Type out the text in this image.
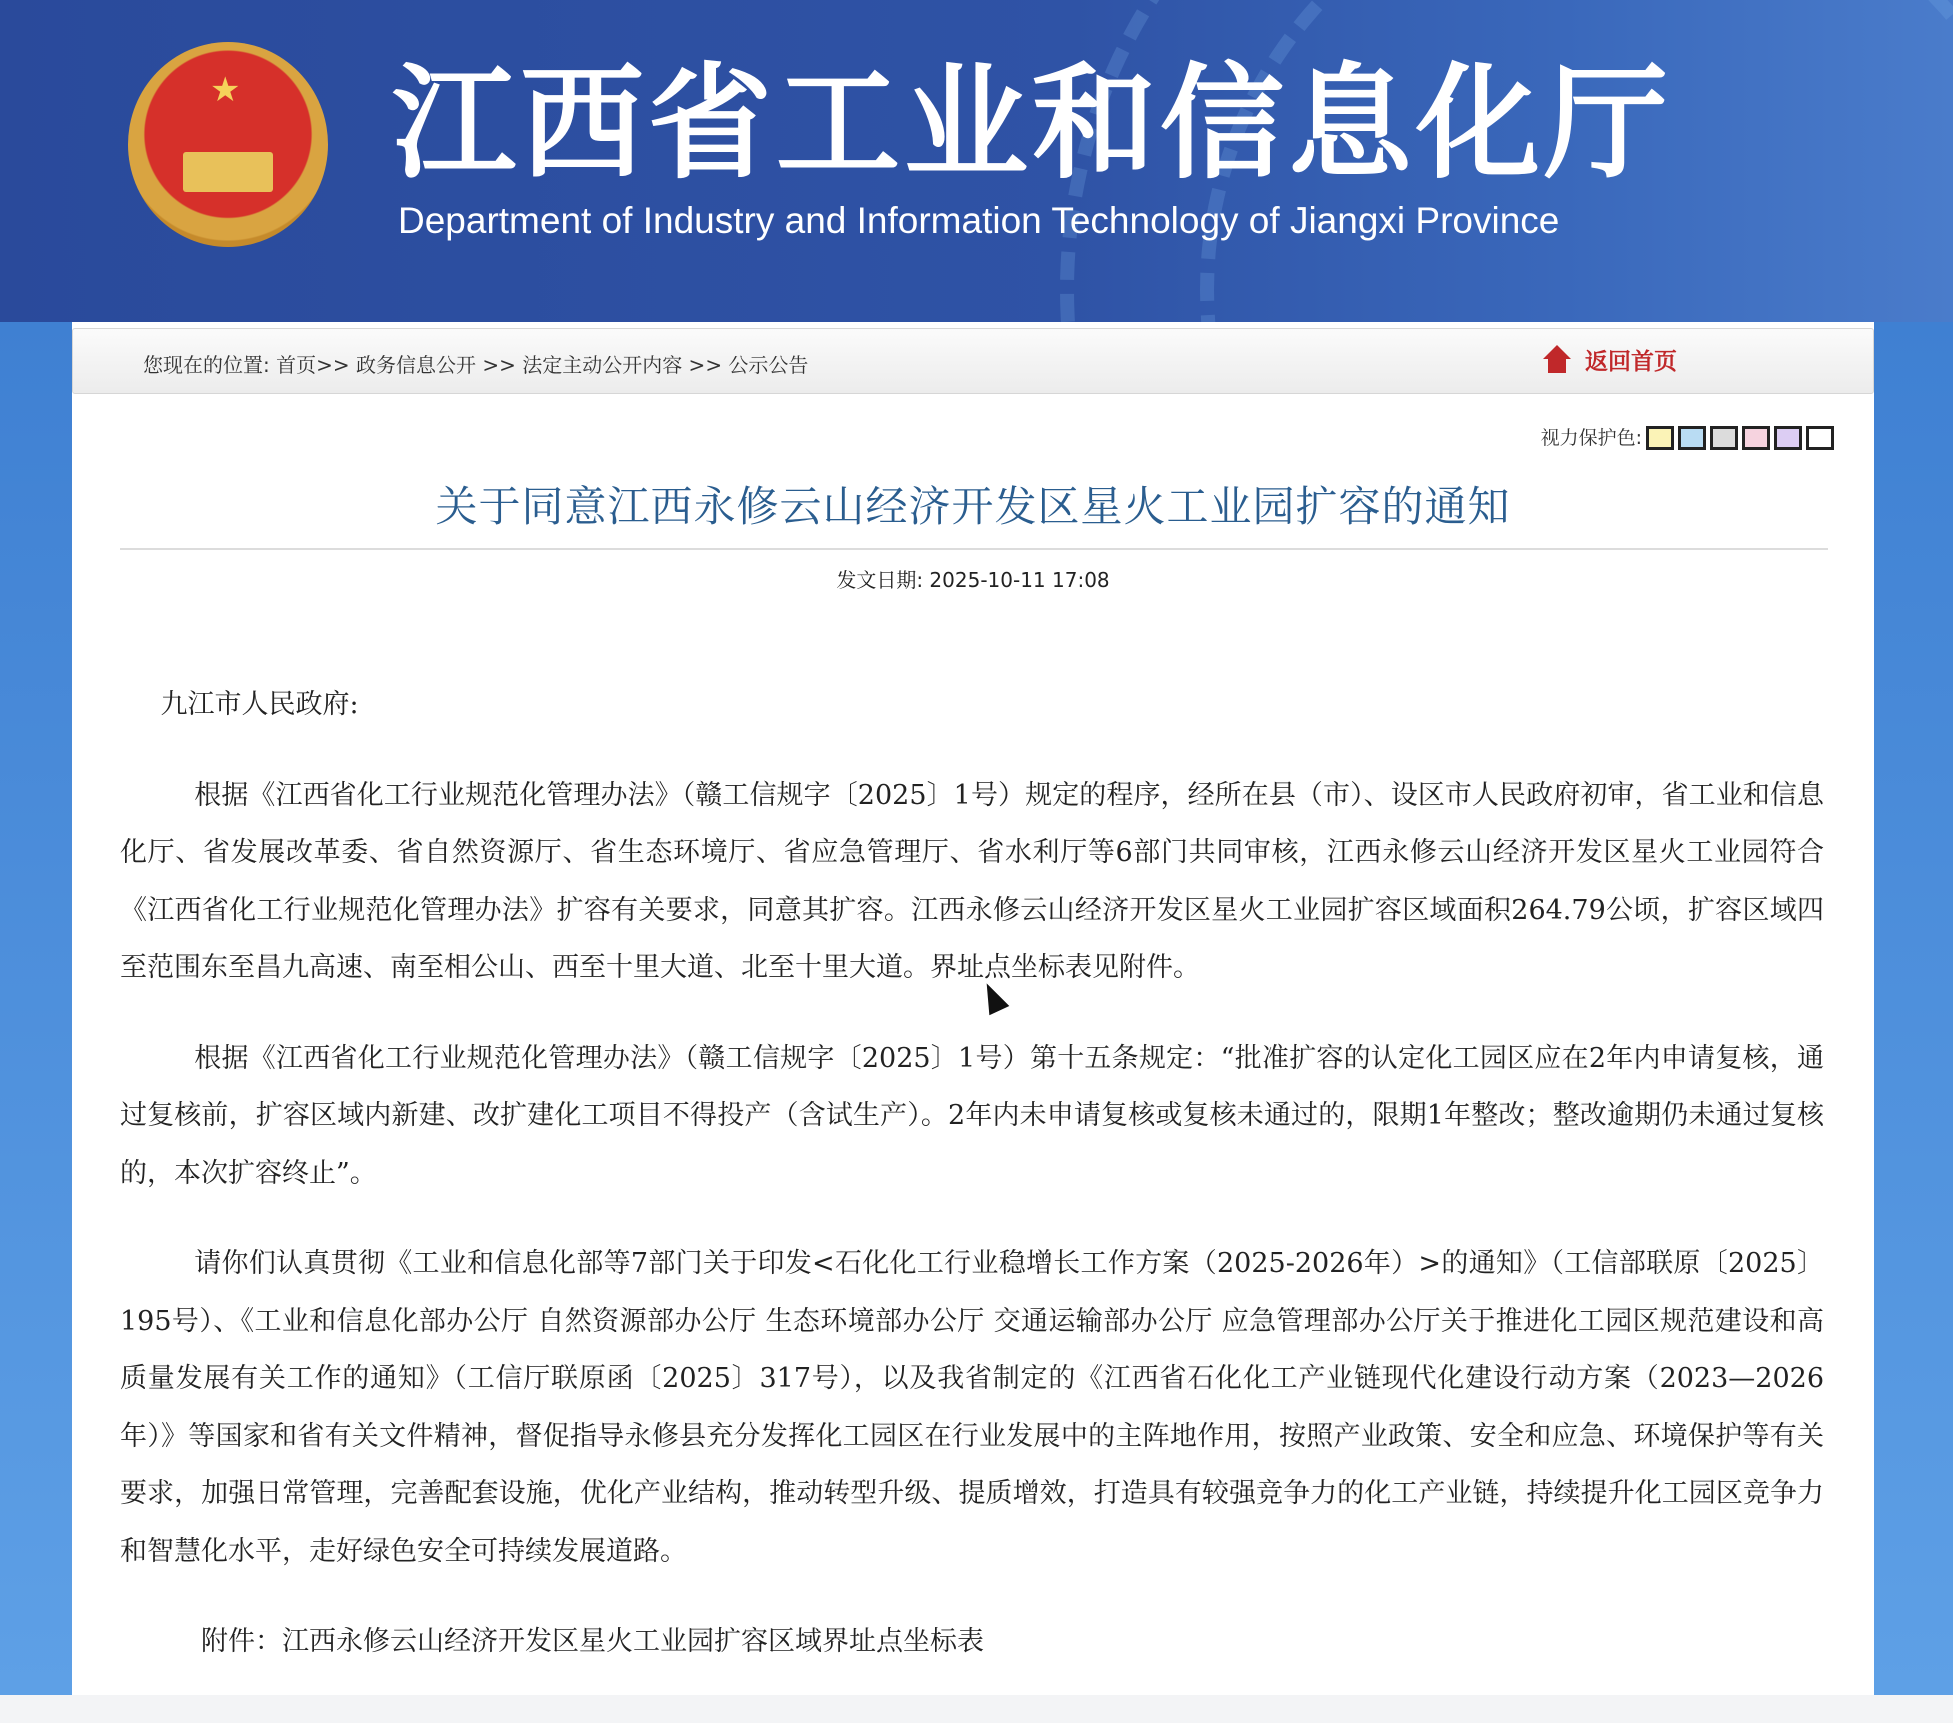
★ 江西省工业和信息化厅
Department of Industry and Information Technology of Jiangxi Province
您现在的位置: 首页>> 政务信息公开 >> 法定主动公开内容 >> 公示公告	返回首页
视力保护色:
关于同意江西永修云山经济开发区星火工业园扩容的通知
发文日期: 2025-10-11 17:08

九江市人民政府:

根据《江西省化工行业规范化管理办法》（赣工信规字〔2025〕1号）规定的程序，经所在县（市）、设区市人民政府初审，省工业和信息化厅、省发展改革委、省自然资源厅、省生态环境厅、省应急管理厅、省水利厅等6部门共同审核，江西永修云山经济开发区星火工业园符合《江西省化工行业规范化管理办法》扩容有关要求，同意其扩容。江西永修云山经济开发区星火工业园扩容区域面积264.79公顷，扩容区域四至范围东至昌九高速、南至相公山、西至十里大道、北至十里大道。界址点坐标表见附件。

根据《江西省化工行业规范化管理办法》（赣工信规字〔2025〕1号）第十五条规定：“批准扩容的认定化工园区应在2年内申请复核，通过复核前，扩容区域内新建、改扩建化工项目不得投产（含试生产）。2年内未申请复核或复核未通过的，限期1年整改；整改逾期仍未通过复核的，本次扩容终止”。

请你们认真贯彻《工业和信息化部等7部门关于印发<石化化工行业稳增长工作方案（2025-2026年）>的通知》（工信部联原〔2025〕195号）、《工业和信息化部办公厅 自然资源部办公厅 生态环境部办公厅 交通运输部办公厅 应急管理部办公厅关于推进化工园区规范建设和高质量发展有关工作的通知》（工信厅联原函〔2025〕317号），以及我省制定的《江西省石化化工产业链现代化建设行动方案（2023—2026年）》等国家和省有关文件精神，督促指导永修县充分发挥化工园区在行业发展中的主阵地作用，按照产业政策、安全和应急、环境保护等有关要求，加强日常管理，完善配套设施，优化产业结构，推动转型升级、提质增效，打造具有较强竞争力的化工产业链，持续提升化工园区竞争力和智慧化水平，走好绿色安全可持续发展道路。

附件：江西永修云山经济开发区星火工业园扩容区域界址点坐标表
